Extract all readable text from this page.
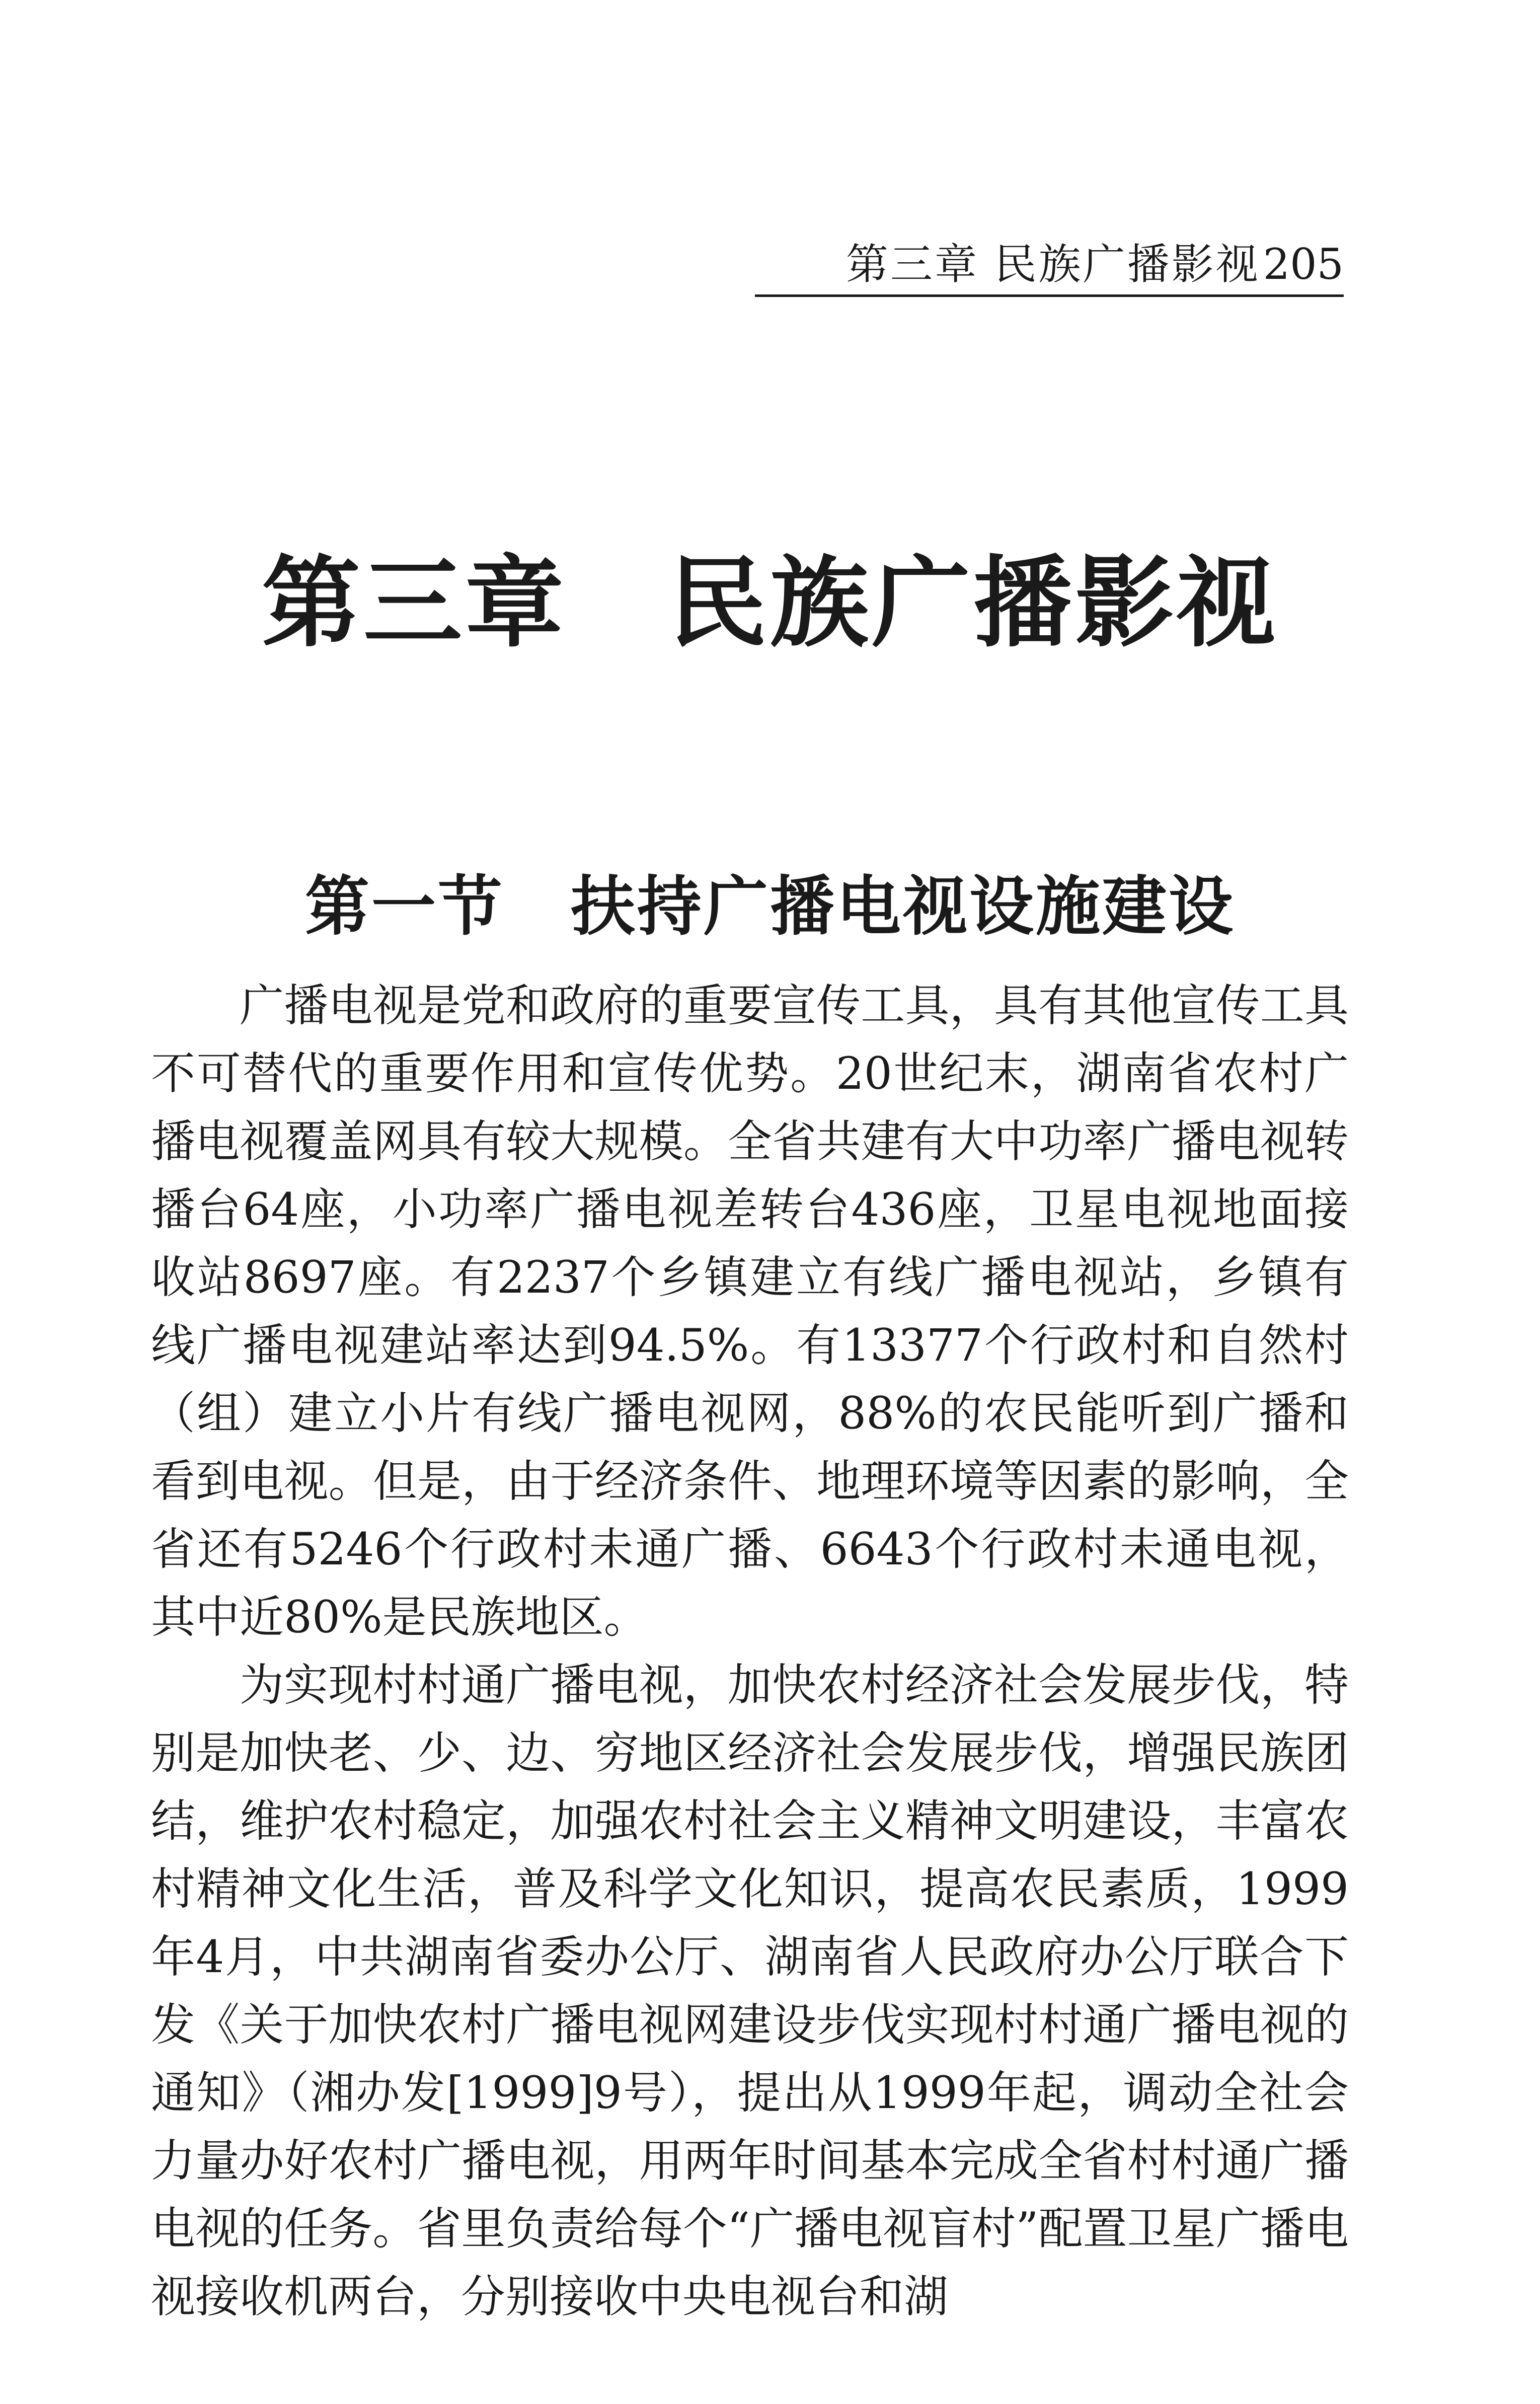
第三章 民族广播影视 205
第三章　民族广播影视
第一节　扶持广播电视设施建设

广播电视是党和政府的重要宣传工具，具有其他宣传工具不可替代的重要作用和宣传优势。20世纪末，湖南省农村广播电视覆盖网具有较大规模。全省共建有大中功率广播电视转播台64座，小功率广播电视差转台436座，卫星电视地面接收站8697座。有2237个乡镇建立有线广播电视站，乡镇有线广播电视建站率达到94.5%。有13377个行政村和自然村（组）建立小片有线广播电视网，88%的农民能听到广播和看到电视。但是，由于经济条件、地理环境等因素的影响，全省还有5246个行政村未通广播、6643个行政村未通电视，其中近80%是民族地区。

为实现村村通广播电视，加快农村经济社会发展步伐，特别是加快老、少、边、穷地区经济社会发展步伐，增强民族团结，维护农村稳定，加强农村社会主义精神文明建设，丰富农村精神文化生活，普及科学文化知识，提高农民素质，1999年4月，中共湖南省委办公厅、湖南省人民政府办公厅联合下发《关于加快农村广播电视网建设步伐实现村村通广播电视的通知》（湘办发[1999]9号），提出从1999年起，调动全社会力量办好农村广播电视，用两年时间基本完成全省村村通广播电视的任务。省里负责给每个“广播电视盲村”配置卫星广播电视接收机两台，分别接收中央电视台和湖
